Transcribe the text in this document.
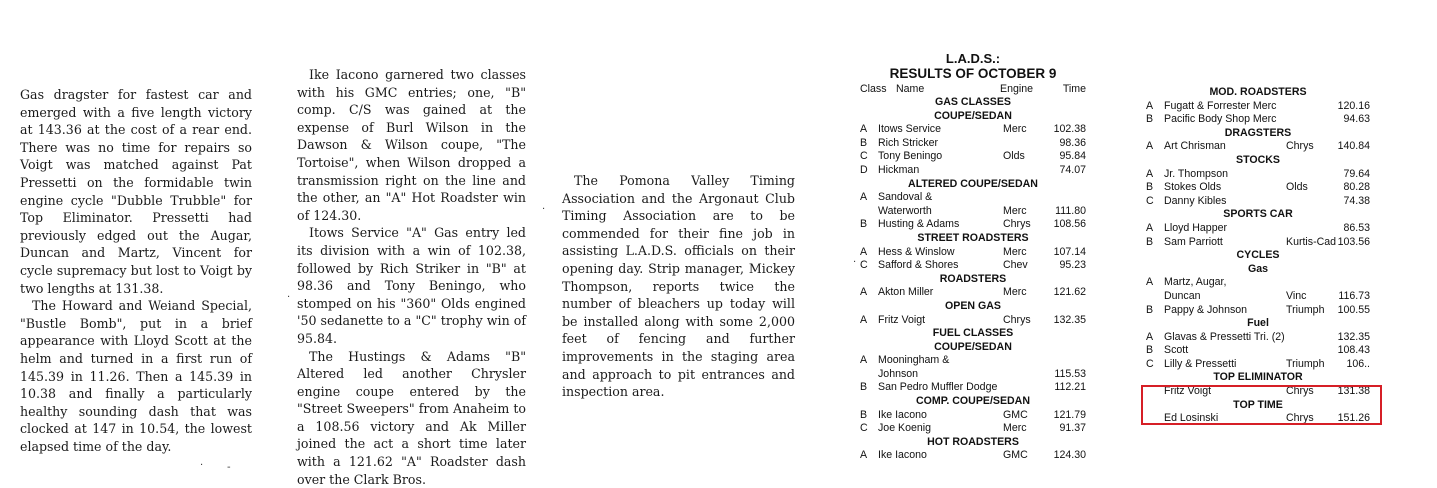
Gas dragster for fastest car and emerged with a five length victory at 143.36 at the cost of a rear end. There was no time for repairs so Voigt was matched against Pat Pressetti on the formidable twin engine cycle "Dubble Trubble" for Top Eliminator. Pressetti had previously edged out the Augar, Duncan and Martz, Vincent for cycle supremacy but lost to Voigt by two lengths at 131.38.

The Howard and Weiand Special, "Bustle Bomb", put in a brief appearance with Lloyd Scott at the helm and turned in a first run of 145.39 in 11.26. Then a 145.39 in 10.38 and finally a particularly healthy sounding dash that was clocked at 147 in 10.54, the lowest elapsed time of the day.

Ike Iacono garnered two classes with his GMC entries; one, "B" comp. C/S was gained at the expense of Burl Wilson in the Dawson & Wilson coupe, "The Tortoise", when Wilson dropped a transmission right on the line and the other, an "A" Hot Roadster win of 124.30.

Itows Service "A" Gas entry led its division with a win of 102.38, followed by Rich Striker in "B" at 98.36 and Tony Beningo, who stomped on his "360" Olds engined '50 sedanette to a "C" trophy win of 95.84.

The Hustings & Adams "B" Altered led another Chrysler engine coupe entered by the "Street Sweepers" from Anaheim to a 108.56 victory and Ak Miller joined the act a short time later with a 121.62 "A" Roadster dash over the Clark Bros.

The Pomona Valley Timing Association and the Argonaut Club Timing Association are to be commended for their fine job in assisting L.A.D.S. officials on their opening day. Strip manager, Mickey Thompson, reports twice the number of bleachers up today will be installed along with some 2,000 feet of fencing and further improvements in the staging area and approach to pit entrances and inspection area.

L.A.D.S.:
RESULTS OF OCTOBER 9
Class Name	Engine	Time
GAS CLASSES
COUPE/SEDAN
A Itows Service	Merc	102.38
B Rich Stricker	98.36
C Tony Beningo	Olds	95.84
D Hickman	74.07
ALTERED COUPE/SEDAN
A Sandoval &
Waterworth	Merc	111.80
B Husting & Adams	Chrys 108.56
STREET ROADSTERS
A Hess & Winslow	Merc	107.14
C Safford & Shores	Chev	95.23
ROADSTERS
A Akton Miller	Merc	121.62
OPEN GAS
A Fritz Voigt	Chrys 132.35
FUEL CLASSES
COUPE/SEDAN
A Mooningham &
Johnson	115.53
B San Pedro Muffler Dodge	112.21
COMP. COUPE/SEDAN
B Ike Iacono	GMC 121.79
C Joe Koenig	Merc	91.37
HOT ROADSTERS
A Ike Iacono	GMC 124.30
MOD. ROADSTERS
A Fugatt & Forrester Merc	120.16
B Pacific Body Shop Merc	94.63
DRAGSTERS
A Art Chrisman	Chrys 140.84
STOCKS
A Jr. Thompson	79.64
B Stokes Olds	Olds	80.28
C Danny Kibles	74.38
SPORTS CAR
A Lloyd Happer	86.53
B Sam Parriott	Kurtis-Cad 103.56
CYCLES
Gas
A Martz, Augar,
Duncan	Vinc	116.73
B Pappy & Johnson	Triumph 100.55
Fuel
A Glavas & Pressetti Tri. (2)	132.35
B Scott	108.43
C Lilly & Pressetti	Triumph 106..
TOP ELIMINATOR
Fritz Voigt	Chrys 131.38
TOP TIME
Ed Losinski	Chrys 151.26
·
·
· -
·
